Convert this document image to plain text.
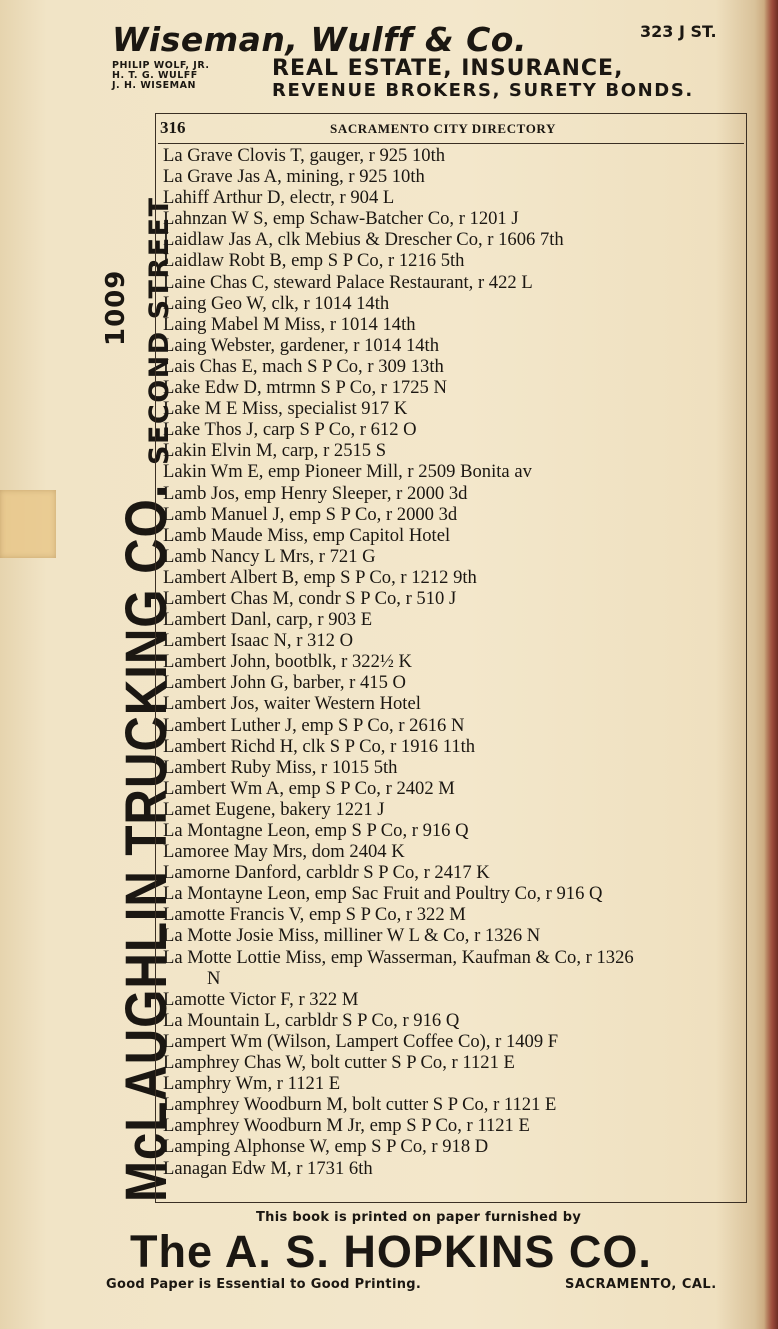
Wiseman, Wulff & Co.	323 J ST.
PHILIP WOLF, JR.
H. T. G. WULFF
J. H. WISEMAN
REAL ESTATE, INSURANCE,
REVENUE BROKERS, SURETY BONDS.
McLAUGHLIN TRUCKING CO.
SECOND STREET
1009
316	SACRAMENTO CITY DIRECTORY
La Grave Clovis T, gauger, r 925 10th
La Grave Jas A, mining, r 925 10th
Lahiff Arthur D, electr, r 904 L
Lahnzan W S, emp Schaw-Batcher Co, r 1201 J
Laidlaw Jas A, clk Mebius & Drescher Co, r 1606 7th
Laidlaw Robt B, emp S P Co, r 1216 5th
Laine Chas C, steward Palace Restaurant, r 422 L
Laing Geo W, clk, r 1014 14th
Laing Mabel M Miss, r 1014 14th
Laing Webster, gardener, r 1014 14th
Lais Chas E, mach S P Co, r 309 13th
Lake Edw D, mtrmn S P Co, r 1725 N
Lake M E Miss, specialist 917 K
Lake Thos J, carp S P Co, r 612 O
Lakin Elvin M, carp, r 2515 S
Lakin Wm E, emp Pioneer Mill, r 2509 Bonita av
Lamb Jos, emp Henry Sleeper, r 2000 3d
Lamb Manuel J, emp S P Co, r 2000 3d
Lamb Maude Miss, emp Capitol Hotel
Lamb Nancy L Mrs, r 721 G
Lambert Albert B, emp S P Co, r 1212 9th
Lambert Chas M, condr S P Co, r 510 J
Lambert Danl, carp, r 903 E
Lambert Isaac N, r 312 O
Lambert John, bootblk, r 322½ K
Lambert John G, barber, r 415 O
Lambert Jos, waiter Western Hotel
Lambert Luther J, emp S P Co, r 2616 N
Lambert Richd H, clk S P Co, r 1916 11th
Lambert Ruby Miss, r 1015 5th
Lambert Wm A, emp S P Co, r 2402 M
Lamet Eugene, bakery 1221 J
La Montagne Leon, emp S P Co, r 916 Q
Lamoree May Mrs, dom 2404 K
Lamorne Danford, carbldr S P Co, r 2417 K
La Montayne Leon, emp Sac Fruit and Poultry Co, r 916 Q
Lamotte Francis V, emp S P Co, r 322 M
La Motte Josie Miss, milliner W L & Co, r 1326 N
La Motte Lottie Miss, emp Wasserman, Kaufman & Co, r 1326
N
Lamotte Victor F, r 322 M
La Mountain L, carbldr S P Co, r 916 Q
Lampert Wm (Wilson, Lampert Coffee Co), r 1409 F
Lamphrey Chas W, bolt cutter S P Co, r 1121 E
Lamphry Wm, r 1121 E
Lamphrey Woodburn M, bolt cutter S P Co, r 1121 E
Lamphrey Woodburn M Jr, emp S P Co, r 1121 E
Lamping Alphonse W, emp S P Co, r 918 D
Lanagan Edw M, r 1731 6th
This book is printed on paper furnished by
The A. S. HOPKINS CO.
Good Paper is Essential to Good Printing.	SACRAMENTO, CAL.
